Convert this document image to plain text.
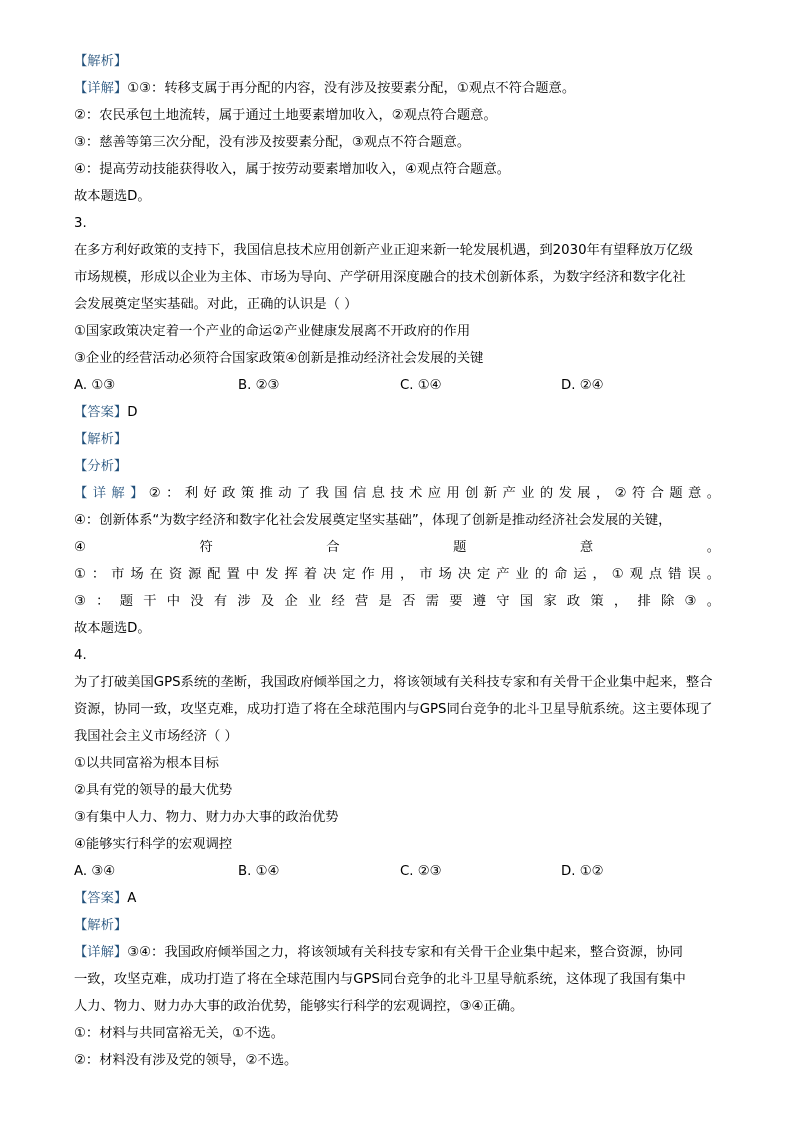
【解析】
【详解】①③：转移支属于再分配的内容，没有涉及按要素分配，①观点不符合题意。
②：农民承包土地流转，属于通过土地要素增加收入，②观点符合题意。
③：慈善等第三次分配，没有涉及按要素分配，③观点不符合题意。
④：提高劳动技能获得收入，属于按劳动要素增加收入，④观点符合题意。
故本题选D。
3.
在多方利好政策的支持下，我国信息技术应用创新产业正迎来新一轮发展机遇，到2030年有望释放万亿级
市场规模，形成以企业为主体、市场为导向、产学研用深度融合的技术创新体系，为数字经济和数字化社
会发展奠定坚实基础。对此，正确的认识是（ ）
①国家政策决定着一个产业的命运②产业健康发展离不开政府的作用
③企业的经营活动必须符合国家政策④创新是推动经济社会发展的关键
A. ①③	B. ②③	C. ①④	D. ②④
【答案】D
【解析】
【分析】
【详解】②：利好政策推动了我国信息技术应用创新产业的发展，②符合题意。
④：创新体系“为数字经济和数字化社会发展奠定坚实基础”，体现了创新是推动经济社会发展的关键，
④符合题意。
①：市场在资源配置中发挥着决定作用，市场决定产业的命运，①观点错误。
③：题干中没有涉及企业经营是否需要遵守国家政策，排除③。
故本题选D。
4.
为了打破美国GPS系统的垄断，我国政府倾举国之力，将该领域有关科技专家和有关骨干企业集中起来，整合
资源，协同一致，攻坚克难，成功打造了将在全球范围内与GPS同台竞争的北斗卫星导航系统。这主要体现了
我国社会主义市场经济（ ）
①以共同富裕为根本目标
②具有党的领导的最大优势
③有集中人力、物力、财力办大事的政治优势
④能够实行科学的宏观调控
A. ③④	B. ①④	C. ②③	D. ①②
【答案】A
【解析】
【详解】③④：我国政府倾举国之力，将该领域有关科技专家和有关骨干企业集中起来，整合资源，协同
一致，攻坚克难，成功打造了将在全球范围内与GPS同台竞争的北斗卫星导航系统，这体现了我国有集中
人力、物力、财力办大事的政治优势，能够实行科学的宏观调控，③④正确。
①：材料与共同富裕无关，①不选。
②：材料没有涉及党的领导，②不选。
